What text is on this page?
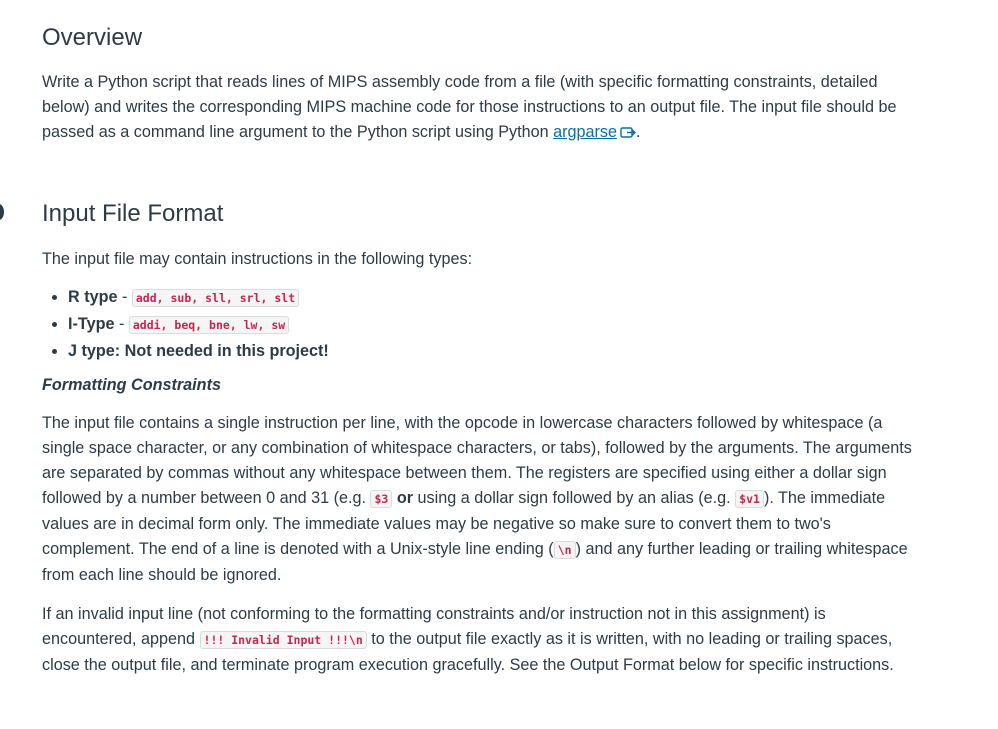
Overview

Write a Python script that reads lines of MIPS assembly code from a file (with specific formatting constraints, detailed below) and writes the corresponding MIPS machine code for those instructions to an output file. The input file should be passed as a command line argument to the Python script using Python argparse .

Input File Format

The input file may contain instructions in the following types:

• R type - add, sub, sll, srl, slt
• I-Type - addi, beq, bne, lw, sw
• J type: Not needed in this project!
Formatting Constraints

The input file contains a single instruction per line, with the opcode in lowercase characters followed by whitespace (a single space character, or any combination of whitespace characters, or tabs), followed by the arguments. The arguments are separated by commas without any whitespace between them. The registers are specified using either a dollar sign followed by a number between 0 and 31 (e.g. $3 or using a dollar sign followed by an alias (e.g. $v1 ). The immediate values are in decimal form only. The immediate values may be negative so make sure to convert them to two's complement. The end of a line is denoted with a Unix-style line ending ( \n ) and any further leading or trailing whitespace from each line should be ignored.

If an invalid input line (not conforming to the formatting constraints and/or instruction not in this assignment) is encountered, append !!! Invalid Input !!!\n to the output file exactly as it is written, with no leading or trailing spaces, close the output file, and terminate program execution gracefully. See the Output Format below for specific instructions.
